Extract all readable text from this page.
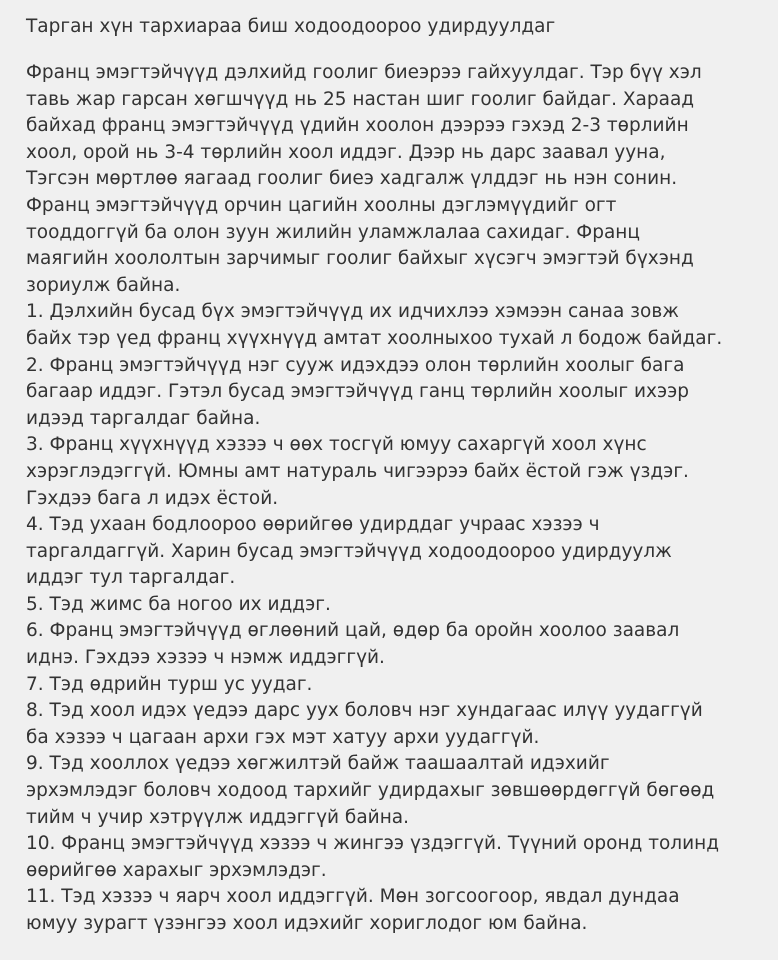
Тарган хүн тархиараа биш ходоодоороо удирдуулдаг
Франц эмэгтэйчүүд дэлхийд гоолиг биеэрээ гайхуулдаг. Тэр бүү хэл
тавь жар гарсан хөгшчүүд нь 25 настан шиг гоолиг байдаг. Хараад
байхад франц эмэгтэйчүүд үдийн хоолон дээрээ гэхэд 2-3 төрлийн
хоол, орой нь 3-4 төрлийн хоол иддэг. Дээр нь дарс заавал ууна,
Тэгсэн мөртлөө яагаад гоолиг биеэ хадгалж үлддэг нь нэн сонин.
Франц эмэгтэйчүүд орчин цагийн хоолны дэглэмүүдийг огт
тооддоггүй ба олон зуун жилийн уламжлалаа сахидаг. Франц
маягийн хоололтын зарчимыг гоолиг байхыг хүсэгч эмэгтэй бүхэнд
зориулж байна.
1. Дэлхийн бусад бүх эмэгтэйчүүд их идчихлээ хэмээн санаа зовж
байх тэр үед франц хүүхнүүд амтат хоолныхоо тухай л бодож байдаг.
2. Франц эмэгтэйчүүд нэг сууж идэхдээ олон төрлийн хоолыг бага
багаар иддэг. Гэтэл бусад эмэгтэйчүүд ганц төрлийн хоолыг ихээр
идээд таргалдаг байна.
3. Франц хүүхнүүд хэзээ ч өөх тосгүй юмуу сахаргүй хоол хүнс
хэрэглэдэггүй. Юмны амт натураль чигээрээ байх ёстой гэж үздэг.
Гэхдээ бага л идэх ёстой.
4. Тэд ухаан бодлоороо өөрийгөө удирддаг учраас хэзээ ч
таргалдаггүй. Харин бусад эмэгтэйчүүд ходоодоороо удирдуулж
иддэг тул таргалдаг.
5. Тэд жимс ба ногоо их иддэг.
6. Франц эмэгтэйчүүд өглөөний цай, өдөр ба оройн хоолоо заавал
иднэ. Гэхдээ хэзээ ч нэмж иддэггүй.
7. Тэд өдрийн турш ус уудаг.
8. Тэд хоол идэх үедээ дарс уух боловч нэг хундагаас илүү уудаггүй
ба хэзээ ч цагаан архи гэх мэт хатуу архи уудаггүй.
9. Тэд хооллох үедээ хөгжилтэй байж таашаалтай идэхийг
эрхэмлэдэг боловч ходоод тархийг удирдахыг зөвшөөрдөггүй бөгөөд
тийм ч учир хэтрүүлж иддэггүй байна.
10. Франц эмэгтэйчүүд хэзээ ч жингээ үздэггүй. Түүний оронд толинд
өөрийгөө харахыг эрхэмлэдэг.
11. Тэд хэзээ ч яарч хоол иддэггүй. Мөн зогсоогоор, явдал дундаа
юмуу зурагт үзэнгээ хоол идэхийг хориглодог юм байна.
